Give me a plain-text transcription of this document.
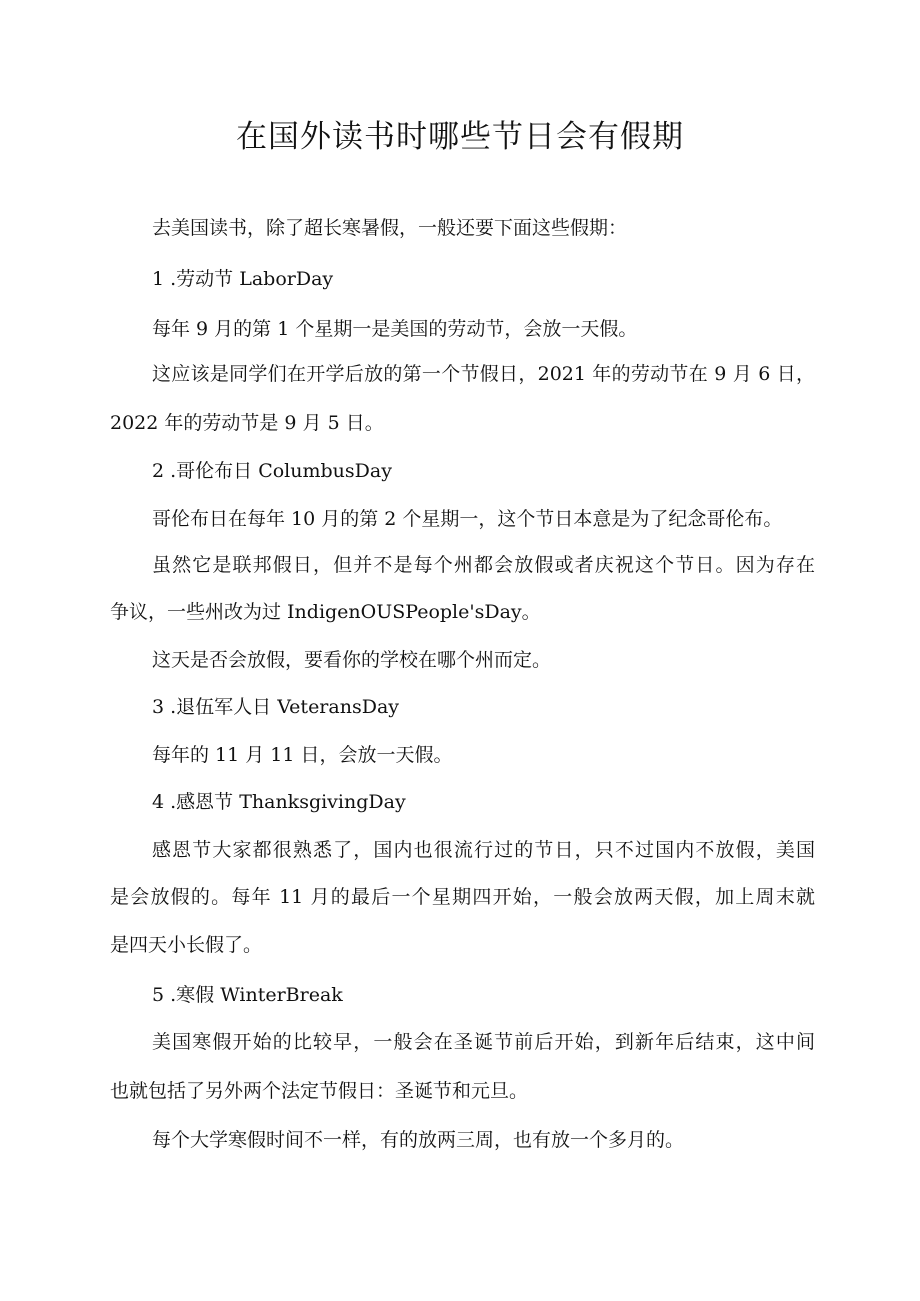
在国外读书时哪些节日会有假期

去美国读书，除了超长寒暑假，一般还要下面这些假期：

1 .劳动节 LaborDay

每年 9 月的第 1 个星期一是美国的劳动节，会放一天假。

这应该是同学们在开学后放的第一个节假日，2021 年的劳动节在 9 月 6 日，

2022 年的劳动节是 9 月 5 日。

2 .哥伦布日 ColumbusDay

哥伦布日在每年 10 月的第 2 个星期一，这个节日本意是为了纪念哥伦布。

虽然它是联邦假日，但并不是每个州都会放假或者庆祝这个节日。因为存在

争议，一些州改为过 IndigenOUSPeople'sDay。

这天是否会放假，要看你的学校在哪个州而定。

3 .退伍军人日 VeteransDay

每年的 11 月 11 日，会放一天假。

4 .感恩节 ThanksgivingDay

感恩节大家都很熟悉了，国内也很流行过的节日，只不过国内不放假，美国

是会放假的。每年 11 月的最后一个星期四开始，一般会放两天假，加上周末就

是四天小长假了。

5 .寒假 WinterBreak

美国寒假开始的比较早，一般会在圣诞节前后开始，到新年后结束，这中间

也就包括了另外两个法定节假日：圣诞节和元旦。

每个大学寒假时间不一样，有的放两三周，也有放一个多月的。
